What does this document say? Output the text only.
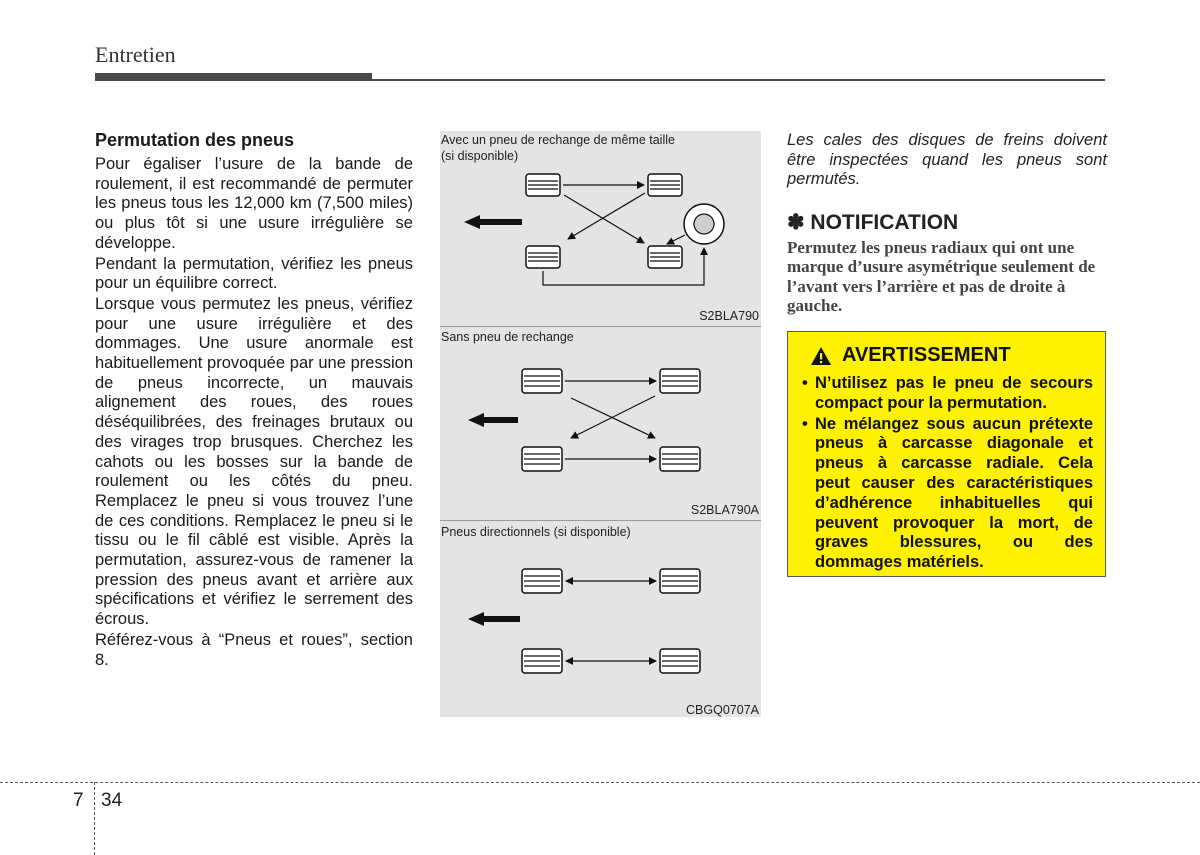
Entretien
Permutation des pneus

Pour égaliser l’usure de la bande de roulement, il est recommandé de permuter les pneus tous les 12,000 km (7,500 miles) ou plus tôt si une usure irrégulière se développe.

Pendant la permutation, vérifiez les pneus pour un équilibre correct.

Lorsque vous permutez les pneus, vérifiez pour une usure irrégulière et des dommages. Une usure anormale est habituellement provoquée par une pression de pneus incorrecte, un mauvais alignement des roues, des roues déséquilibrées, des freinages brutaux ou des virages trop brusques. Cherchez les cahots ou les bosses sur la bande de roulement ou les côtés du pneu. Remplacez le pneu si vous trouvez l’une de ces conditions. Remplacez le pneu si le tissu ou le fil câblé est visible. Après la permutation, assurez-vous de ramener la pression des pneus avant et arrière aux spécifications et vérifiez le serrement des écrous.

Référez-vous à “Pneus et roues”, section 8.

Avec un pneu de rechange de même taille
(si disponible)
S2BLA790
Sans pneu de rechange
S2BLA790A
Pneus directionnels (si disponible)
CBGQ0707A

Les cales des disques de freins doivent être inspectées quand les pneus sont permutés.

✽ NOTIFICATION

Permutez les pneus radiaux qui ont une marque d’usure asymétrique seulement de l’avant vers l’arrière et pas de droite à gauche.

AVERTISSEMENT
• N’utilisez pas le pneu de secours compact pour la permutation.
• Ne mélangez sous aucun prétexte pneus à carcasse diagonale et pneus à carcasse radiale. Cela peut causer des caractéristiques d’adhérence inhabituelles qui peuvent provoquer la mort, de graves blessures, ou des dommages matériels.
7 34
